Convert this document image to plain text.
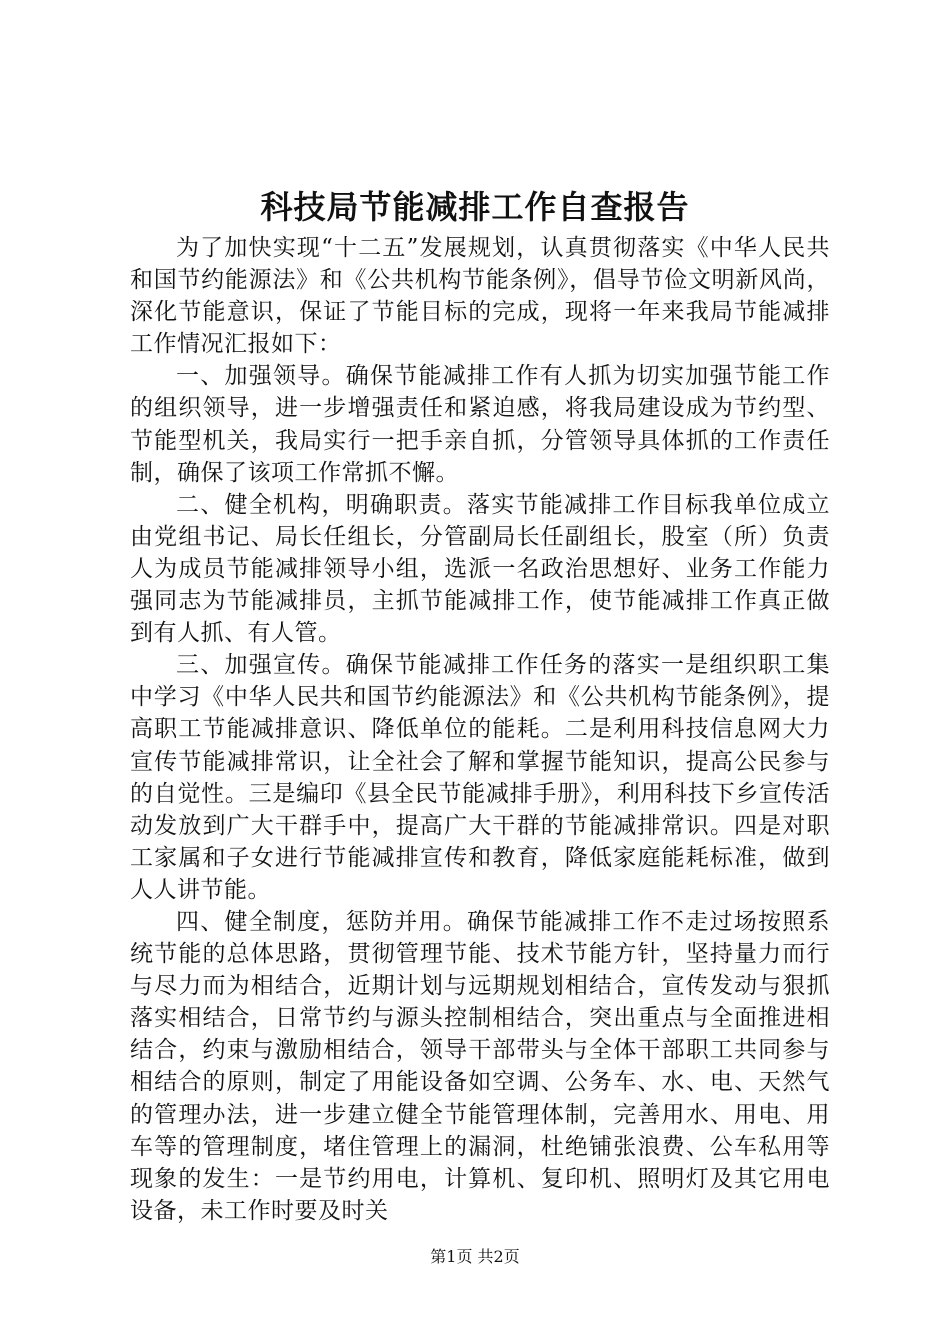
科技局节能减排工作自查报告

为了加快实现“十二五”发展规划，认真贯彻落实《中华人民共和国节约能源法》和《公共机构节能条例》，倡导节俭文明新风尚，深化节能意识，保证了节能目标的完成，现将一年来我局节能减排工作情况汇报如下：

一、加强领导。确保节能减排工作有人抓为切实加强节能工作的组织领导，进一步增强责任和紧迫感，将我局建设成为节约型、节能型机关，我局实行一把手亲自抓，分管领导具体抓的工作责任制，确保了该项工作常抓不懈。

二、健全机构，明确职责。落实节能减排工作目标我单位成立由党组书记、局长任组长，分管副局长任副组长，股室（所）负责人为成员节能减排领导小组，选派一名政治思想好、业务工作能力强同志为节能减排员，主抓节能减排工作，使节能减排工作真正做到有人抓、有人管。

三、加强宣传。确保节能减排工作任务的落实一是组织职工集中学习《中华人民共和国节约能源法》和《公共机构节能条例》，提高职工节能减排意识、降低单位的能耗。二是利用科技信息网大力宣传节能减排常识，让全社会了解和掌握节能知识，提高公民参与的自觉性。三是编印《县全民节能减排手册》，利用科技下乡宣传活动发放到广大干群手中，提高广大干群的节能减排常识。四是对职工家属和子女进行节能减排宣传和教育，降低家庭能耗标准，做到人人讲节能。

四、健全制度，惩防并用。确保节能减排工作不走过场按照系统节能的总体思路，贯彻管理节能、技术节能方针，坚持量力而行与尽力而为相结合，近期计划与远期规划相结合，宣传发动与狠抓落实相结合，日常节约与源头控制相结合，突出重点与全面推进相结合，约束与激励相结合，领导干部带头与全体干部职工共同参与相结合的原则，制定了用能设备如空调、公务车、水、电、天然气的管理办法，进一步建立健全节能管理体制，完善用水、用电、用车等的管理制度，堵住管理上的漏洞，杜绝铺张浪费、公车私用等现象的发生：一是节约用电，计算机、复印机、照明灯及其它用电设备，未工作时要及时关

第1页 共2页
